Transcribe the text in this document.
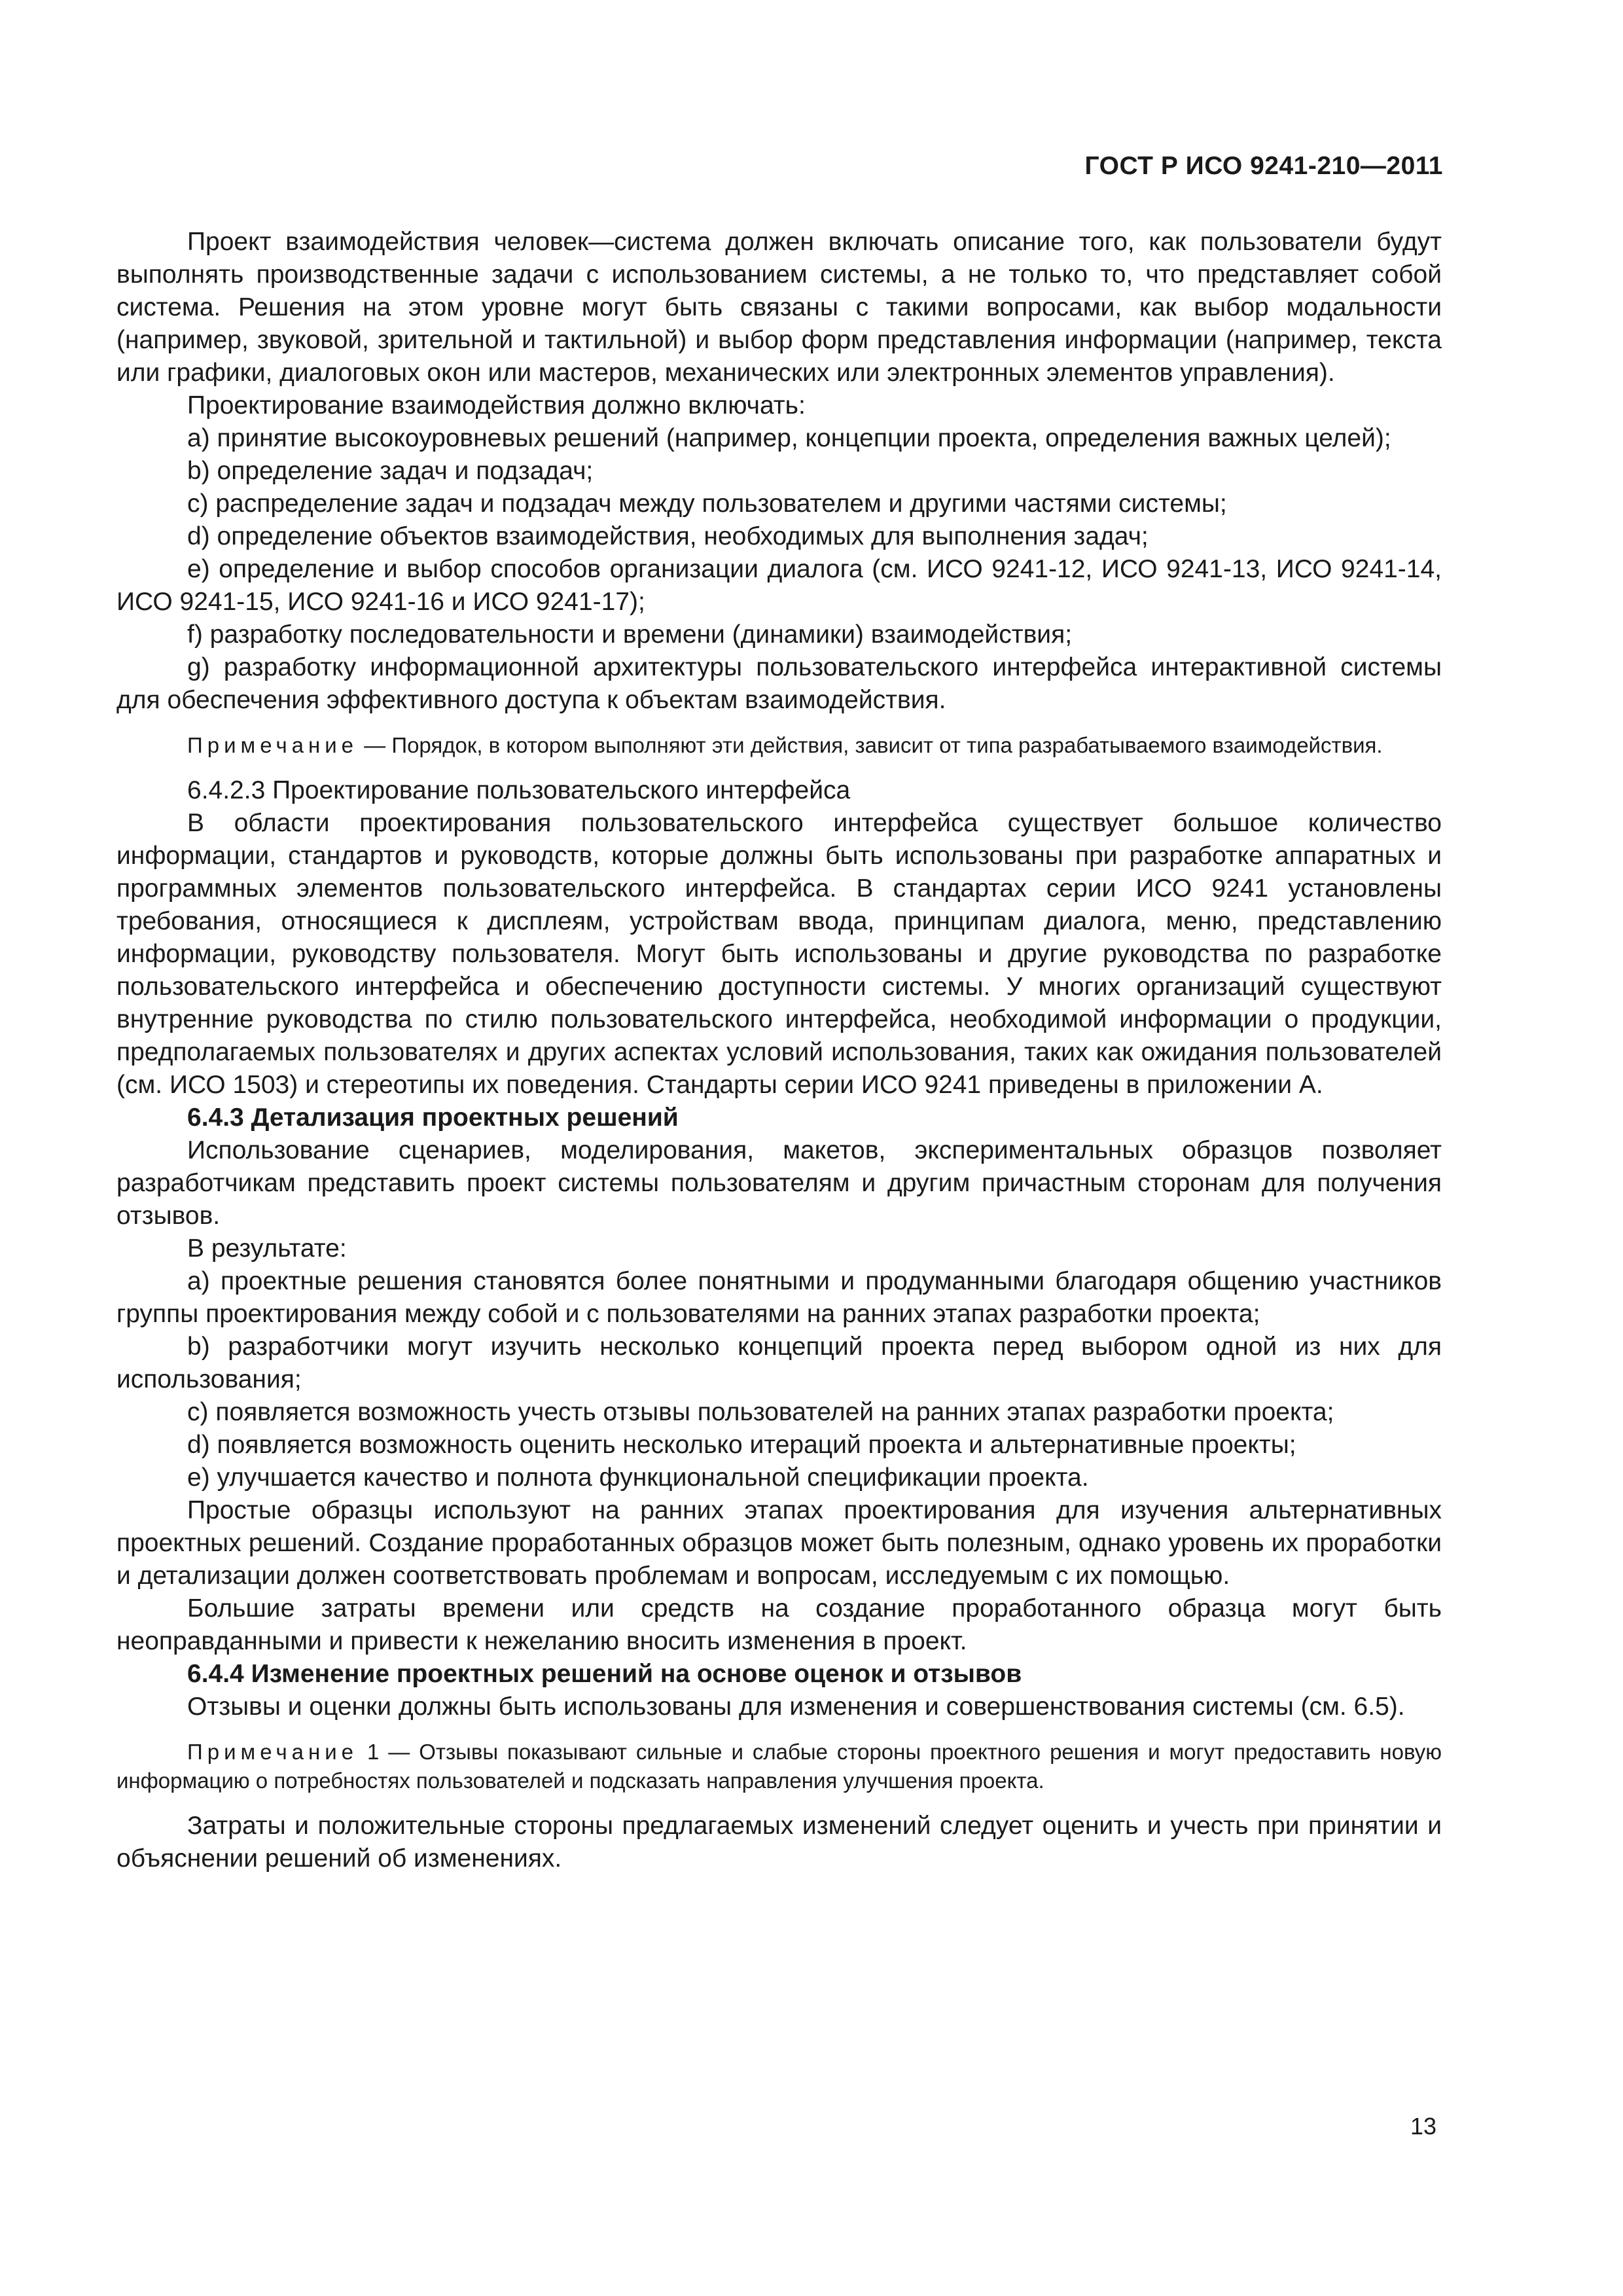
ГОСТ Р ИСО 9241-210—2011

Проект взаимодействия человек—система должен включать описание того, как пользователи будут выполнять производственные задачи с использованием системы, а не только то, что представляет собой система. Решения на этом уровне могут быть связаны с такими вопросами, как выбор модальности (например, звуковой, зрительной и тактильной) и выбор форм представления информации (например, текста или графики, диалоговых окон или мастеров, механических или электронных элементов управления).

Проектирование взаимодействия должно включать:

a) принятие высокоуровневых решений (например, концепции проекта, определения важных целей);

b) определение задач и подзадач;

c) распределение задач и подзадач между пользователем и другими частями системы;

d) определение объектов взаимодействия, необходимых для выполнения задач;

e) определение и выбор способов организации диалога (см. ИСО 9241-12, ИСО 9241-13, ИСО 9241-14, ИСО 9241-15, ИСО 9241-16 и ИСО 9241-17);

f) разработку последовательности и времени (динамики) взаимодействия;

g) разработку информационной архитектуры пользовательского интерфейса интерактивной системы для обеспечения эффективного доступа к объектам взаимодействия.

Примечание — Порядок, в котором выполняют эти действия, зависит от типа разрабатываемого взаимодействия.

6.4.2.3 Проектирование пользовательского интерфейса

В области проектирования пользовательского интерфейса существует большое количество информации, стандартов и руководств, которые должны быть использованы при разработке аппаратных и программных элементов пользовательского интерфейса. В стандартах серии ИСО 9241 установлены требования, относящиеся к дисплеям, устройствам ввода, принципам диалога, меню, представлению информации, руководству пользователя. Могут быть использованы и другие руководства по разработке пользовательского интерфейса и обеспечению доступности системы. У многих организаций существуют внутренние руководства по стилю пользовательского интерфейса, необходимой информации о продукции, предполагаемых пользователях и других аспектах условий использования, таких как ожидания пользователей (см. ИСО 1503) и стереотипы их поведения. Стандарты серии ИСО 9241 приведены в приложении А.

6.4.3 Детализация проектных решений

Использование сценариев, моделирования, макетов, экспериментальных образцов позволяет разработчикам представить проект системы пользователям и другим причастным сторонам для получения отзывов.

В результате:

a) проектные решения становятся более понятными и продуманными благодаря общению участников группы проектирования между собой и с пользователями на ранних этапах разработки проекта;

b) разработчики могут изучить несколько концепций проекта перед выбором одной из них для использования;

c) появляется возможность учесть отзывы пользователей на ранних этапах разработки проекта;

d) появляется возможность оценить несколько итераций проекта и альтернативные проекты;

e) улучшается качество и полнота функциональной спецификации проекта.

Простые образцы используют на ранних этапах проектирования для изучения альтернативных проектных решений. Создание проработанных образцов может быть полезным, однако уровень их проработки и детализации должен соответствовать проблемам и вопросам, исследуемым с их помощью.

Большие затраты времени или средств на создание проработанного образца могут быть неоправданными и привести к нежеланию вносить изменения в проект.

6.4.4 Изменение проектных решений на основе оценок и отзывов

Отзывы и оценки должны быть использованы для изменения и совершенствования системы (см. 6.5).

Примечание 1 — Отзывы показывают сильные и слабые стороны проектного решения и могут предоставить новую информацию о потребностях пользователей и подсказать направления улучшения проекта.

Затраты и положительные стороны предлагаемых изменений следует оценить и учесть при принятии и объяснении решений об изменениях.

13
